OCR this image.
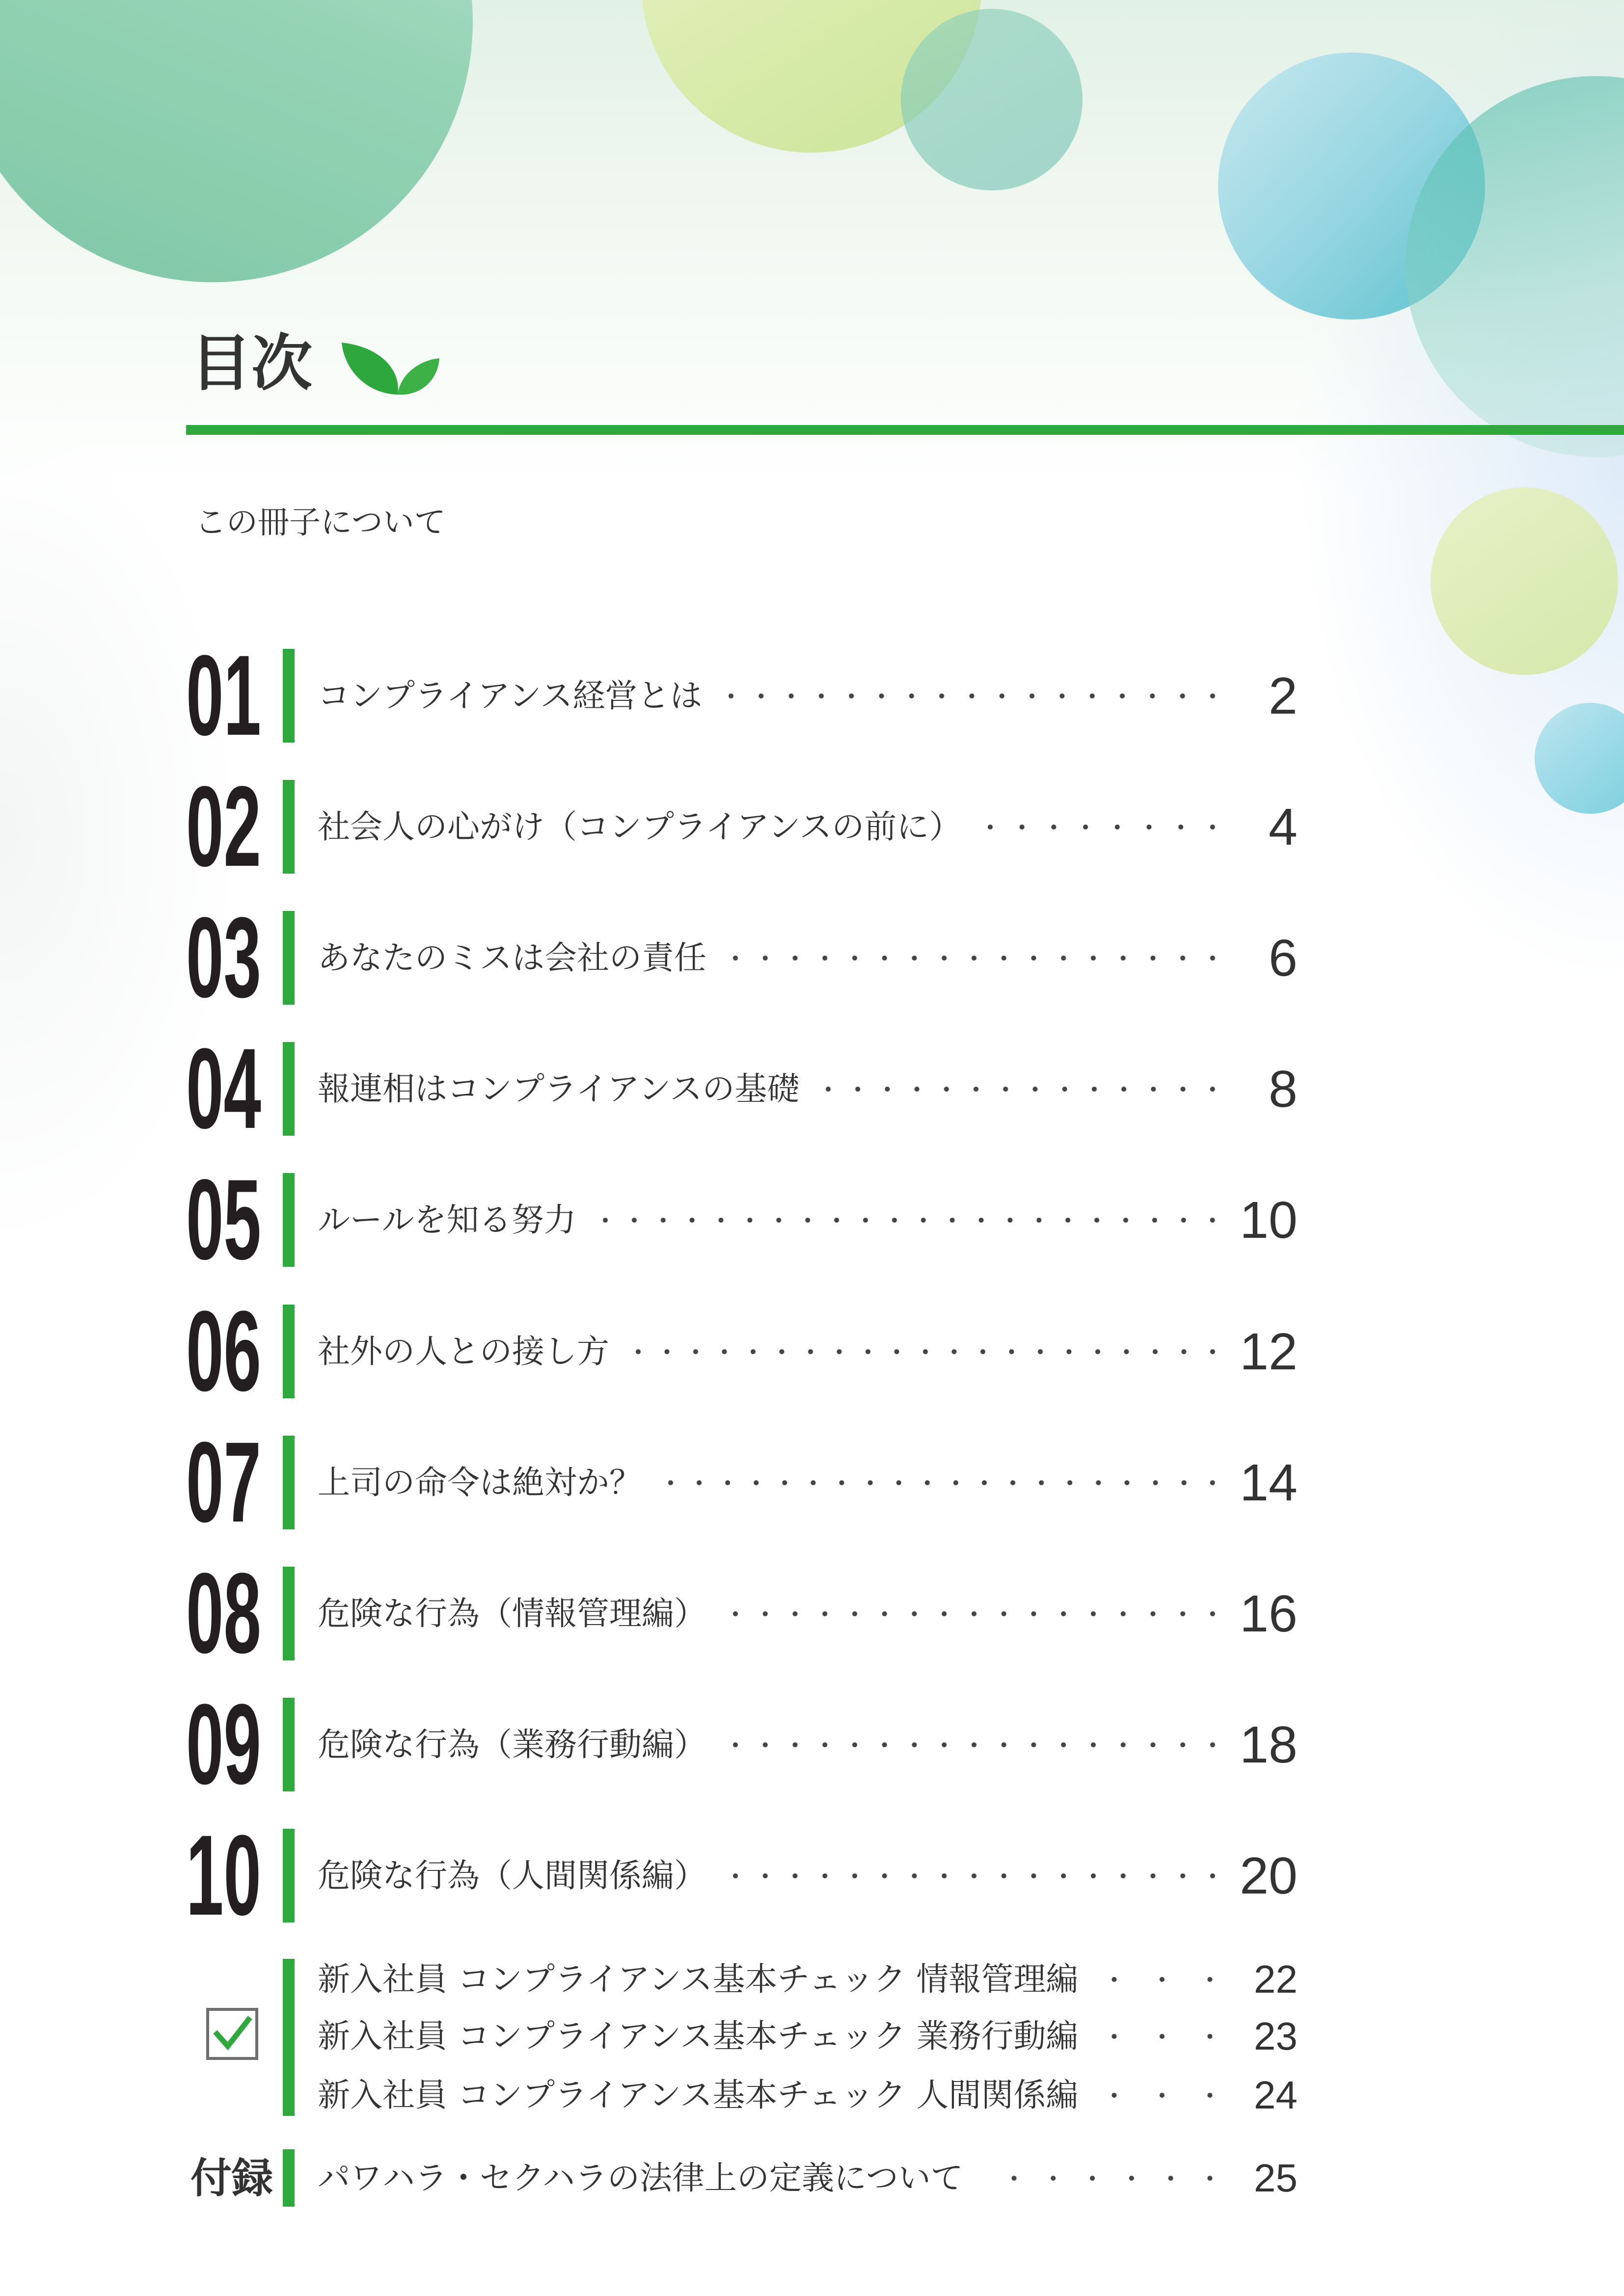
目次
この冊子について
01 コンプライアンス経営とは	2
02 社会人の心がけ（コンプライアンスの前に）	4
03 あなたのミスは会社の責任	6
04 報連相はコンプライアンスの基礎	8
05 ルールを知る努力	10
06 社外の人との接し方	12
07 上司の命令は絶対か？	14
08 危険な行為（情報管理編）	16
09 危険な行為（業務行動編）	18
10 危険な行為（人間関係編）	20
新入社員 コンプライアンス基本チェック 情報管理編	22
新入社員 コンプライアンス基本チェック 業務行動編	23
新入社員 コンプライアンス基本チェック 人間関係編	24
付録	パワハラ・セクハラの法律上の定義について	25
